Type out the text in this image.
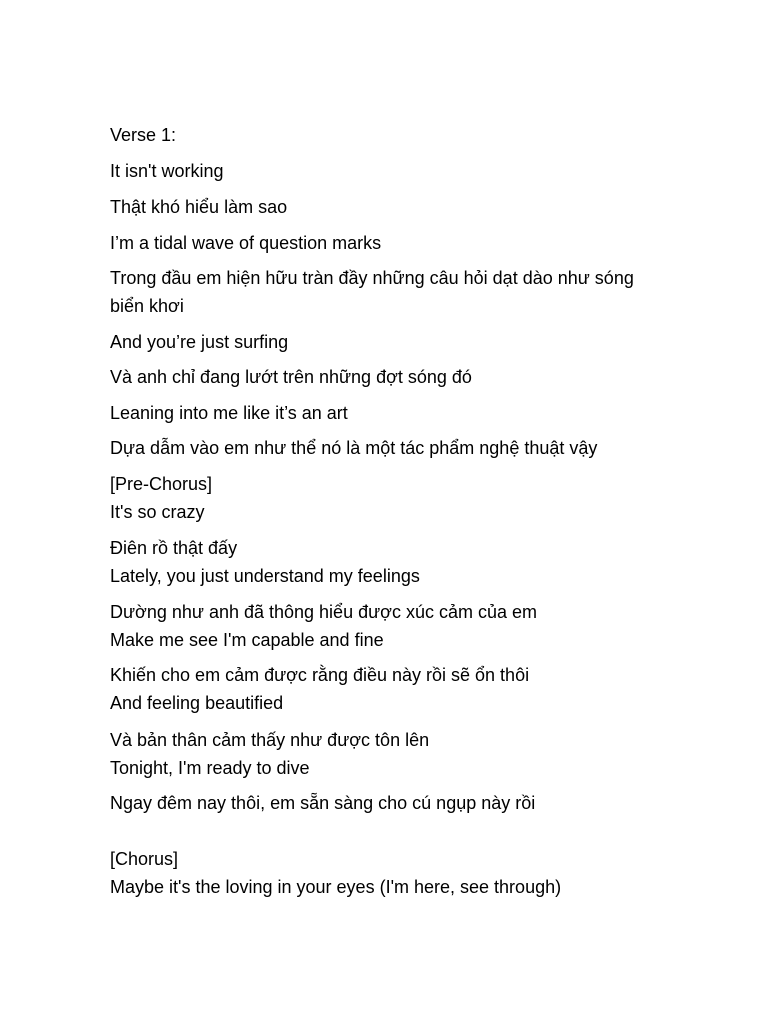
Verse 1:
It isn't working
Thật khó hiểu làm sao
I’m a tidal wave of question marks
Trong đầu em hiện hữu tràn đầy những câu hỏi dạt dào như sóng
biển khơi
And you’re just surfing
Và anh chỉ đang lướt trên những đợt sóng đó
Leaning into me like it’s an art
Dựa dẫm vào em như thể nó là một tác phẩm nghệ thuật vậy
[Pre-Chorus]
It's so crazy
Điên rồ thật đấy
Lately, you just understand my feelings
Dường như anh đã thông hiểu được xúc cảm của em
Make me see I'm capable and fine
Khiến cho em cảm được rằng điều này rồi sẽ ổn thôi
And feeling beautified
Và bản thân cảm thấy như được tôn lên
Tonight, I'm ready to dive
Ngay đêm nay thôi, em sẵn sàng cho cú ngụp này rồi
[Chorus]
Maybe it's the loving in your eyes (I'm here, see through)
